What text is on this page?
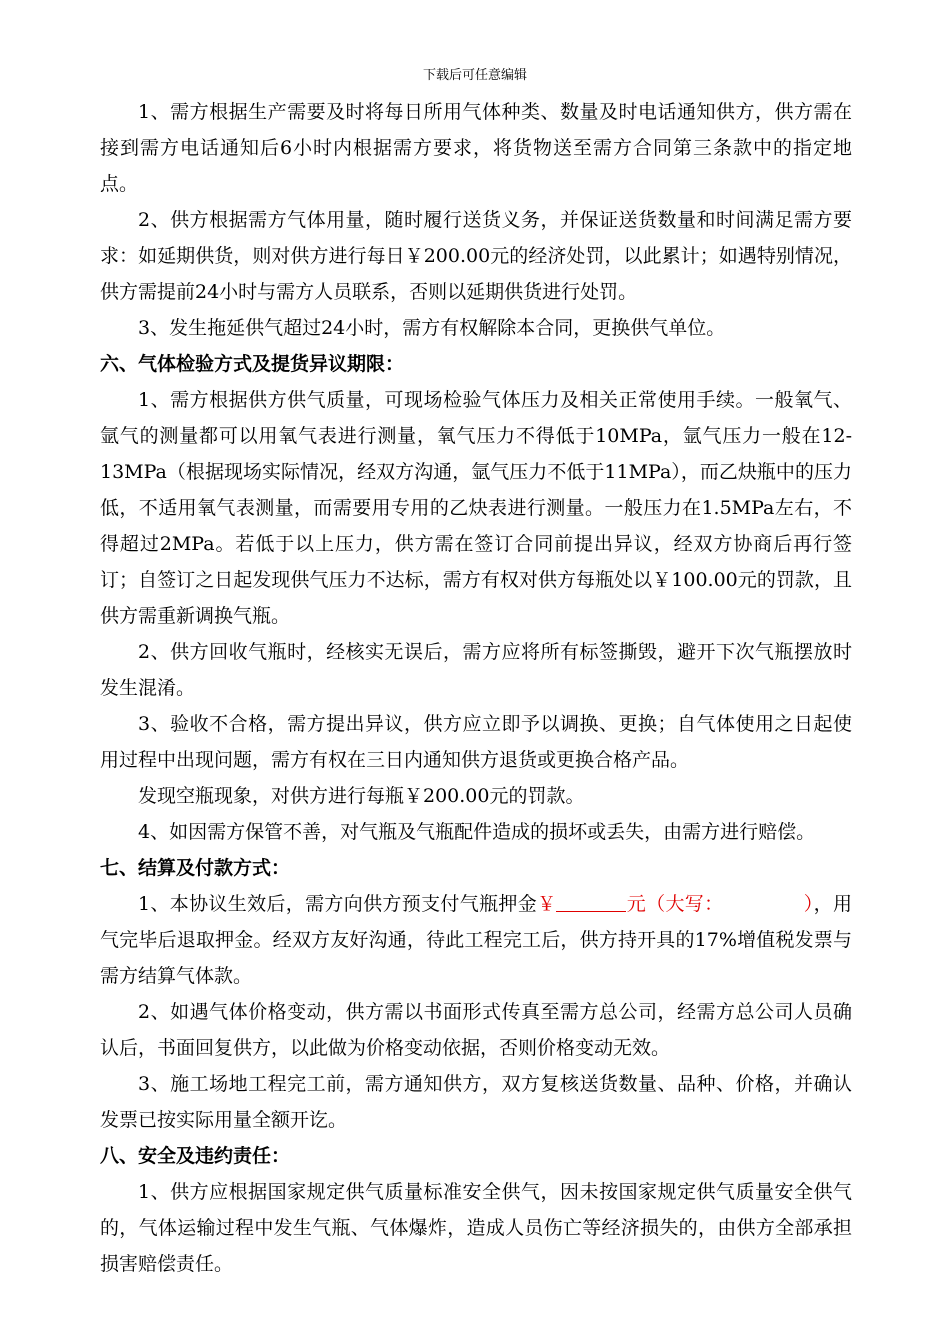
下载后可任意编辑

1、需方根据生产需要及时将每日所用气体种类、数量及时电话通知供方，供方需在接到需方电话通知后6小时内根据需方要求，将货物送至需方合同第三条款中的指定地点。

2、供方根据需方气体用量，随时履行送货义务，并保证送货数量和时间满足需方要求：如延期供货，则对供方进行每日￥200.00元的经济处罚，以此累计；如遇特别情况，供方需提前24小时与需方人员联系，否则以延期供货进行处罚。

3、发生拖延供气超过24小时，需方有权解除本合同，更换供气单位。

六、气体检验方式及提货异议期限：

1、需方根据供方供气质量，可现场检验气体压力及相关正常使用手续。一般氧气、氩气的测量都可以用氧气表进行测量，氧气压力不得低于10MPa，氩气压力一般在12-13MPa（根据现场实际情况，经双方沟通，氩气压力不低于11MPa），而乙炔瓶中的压力低，不适用氧气表测量，而需要用专用的乙炔表进行测量。一般压力在1.5MPa左右，不得超过2MPa。若低于以上压力，供方需在签订合同前提出异议，经双方协商后再行签订；自签订之日起发现供气压力不达标，需方有权对供方每瓶处以￥100.00元的罚款，且供方需重新调换气瓶。

2、供方回收气瓶时，经核实无误后，需方应将所有标签撕毁，避开下次气瓶摆放时发生混淆。

3、验收不合格，需方提出异议，供方应立即予以调换、更换；自气体使用之日起使用过程中出现问题，需方有权在三日内通知供方退货或更换合格产品。

发现空瓶现象，对供方进行每瓶￥200.00元的罚款。

4、如因需方保管不善，对气瓶及气瓶配件造成的损坏或丢失，由需方进行赔偿。

七、结算及付款方式：

1、本协议生效后，需方向供方预支付气瓶押金￥	元（大写：	），用气完毕后退取押金。经双方友好沟通，待此工程完工后，供方持开具的17%增值税发票与需方结算气体款。

2、如遇气体价格变动，供方需以书面形式传真至需方总公司，经需方总公司人员确认后，书面回复供方，以此做为价格变动依据，否则价格变动无效。

3、施工场地工程完工前，需方通知供方，双方复核送货数量、品种、价格，并确认发票已按实际用量全额开讫。

八、安全及违约责任：

1、供方应根据国家规定供气质量标准安全供气，因未按国家规定供气质量安全供气的，气体运输过程中发生气瓶、气体爆炸，造成人员伤亡等经济损失的，由供方全部承担损害赔偿责任。
